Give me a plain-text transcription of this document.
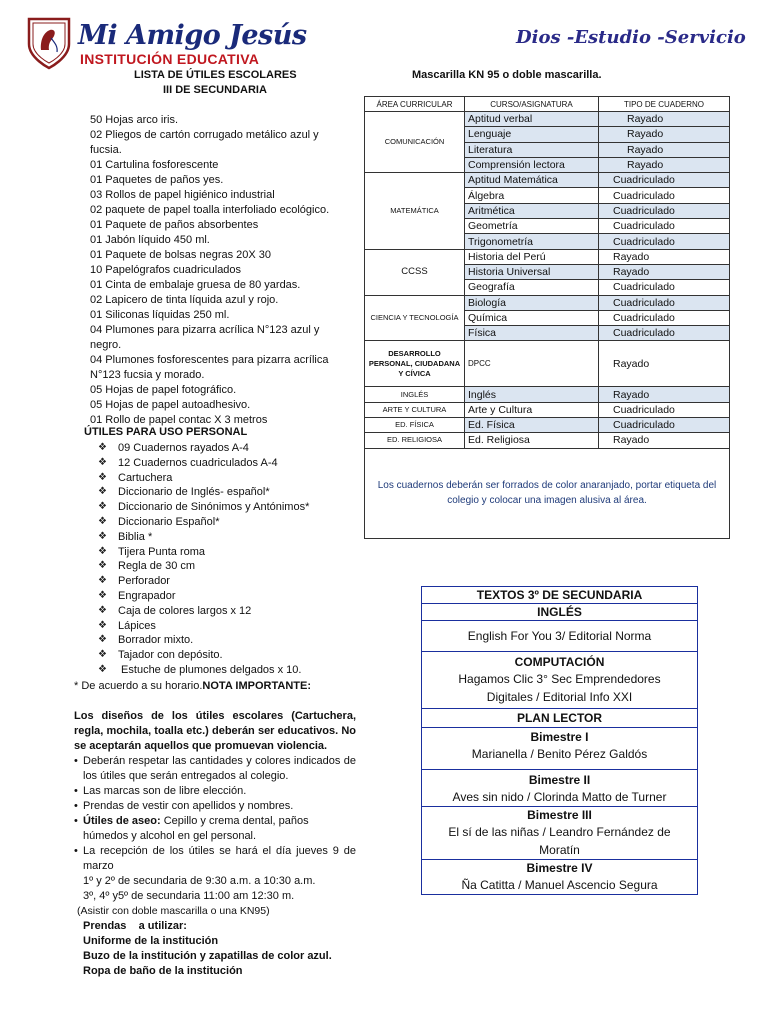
Mi Amigo Jesús
INSTITUCIÓN EDUCATIVA
Dios -Estudio -Servicio
LISTA DE ÚTILES ESCOLARES
III DE SECUNDARIA
50 Hojas arco iris.
02 Pliegos de cartón corrugado metálico azul y
fucsia.
01 Cartulina fosforescente
01 Paquetes de paños yes.
03 Rollos de papel higiénico industrial
02 paquete de papel toalla interfoliado ecológico.
01 Paquete de paños absorbentes
01 Jabón líquido 450 ml.
01 Paquete de bolsas negras 20X 30
10 Papelógrafos cuadriculados
01 Cinta de embalaje gruesa de 80 yardas.
02 Lapicero de tinta líquida azul y rojo.
01 Siliconas líquidas 250 ml.
04 Plumones para pizarra acrílica N°123 azul y
negro.
04 Plumones fosforescentes para pizarra acrílica
N°123 fucsia y morado.
05 Hojas de papel fotográfico.
05 Hojas de papel autoadhesivo.
01 Rollo de papel contac X 3 metros
ÚTILES PARA USO PERSONAL
❖	09 Cuadernos rayados A-4
❖	12 Cuadernos cuadriculados A-4
❖	Cartuchera
❖	Diccionario de Inglés- español*
❖	Diccionario de Sinónimos y Antónimos*
❖	Diccionario Español*
❖	Biblia *
❖	Tijera Punta roma
❖	Regla de 30 cm
❖	Perforador
❖	Engrapador
❖	Caja de colores largos x 12
❖	Lápices
❖	Borrador mixto.
❖	Tajador con depósito.
❖	Estuche de plumones delgados x 10.
* De acuerdo a su horario.NOTA IMPORTANTE:
Los diseños de los útiles escolares (Cartuchera, regla, mochila, toalla etc.) deberán ser educativos. No se aceptarán aquellos que promuevan violencia.
• Deberán respetar las cantidades y colores indicados de los útiles que serán entregados al colegio.
• Las marcas son de libre elección.
• Prendas de vestir con apellidos y nombres.
• Útiles de aseo: Cepillo y crema dental, paños húmedos y alcohol en gel personal.
• La recepción de los útiles se hará el día jueves 9 de marzo
1º y 2º de secundaria de 9:30 a.m. a 10:30 a.m.
3º, 4º y5º de secundaria 11:00 am 12:30 m.
(Asistir con doble mascarilla o una KN95)
Prendas    a utilizar:
Uniforme de la institución
Buzo de la institución y zapatillas de color azul.
Ropa de baño de la institución
Mascarilla KN 95 o doble mascarilla.
ÁREA CURRICULAR	CURSO/ASIGNATURA	TIPO DE CUADERNO
COMUNICACIÓN	Aptitud verbal	Rayado
	Lenguaje	Rayado
	Literatura	Rayado
	Comprensión lectora	Rayado
MATEMÁTICA	Aptitud Matemática	Cuadriculado
	Álgebra	Cuadriculado
	Aritmética	Cuadriculado
	Geometría	Cuadriculado
	Trigonometría	Cuadriculado
CCSS	Historia del Perú	Rayado
	Historia Universal	Rayado
	Geografía	Cuadriculado
CIENCIA Y TECNOLOGÍA	Biología	Cuadriculado
	Química	Cuadriculado
	Física	Cuadriculado
DESARROLLO PERSONAL, CIUDADANA Y CÍVICA	DPCC	Rayado
INGLÉS	Inglés	Rayado
ARTE Y CULTURA	Arte y Cultura	Cuadriculado
ED. FÍSICA	Ed. Física	Cuadriculado
ED. RELIGIOSA	Ed. Religiosa	Rayado
Los cuadernos deberán ser forrados de color anaranjado, portar etiqueta del colegio y colocar una imagen alusiva al área.		
TEXTOS 3º DE SECUNDARIA
INGLÉS
English For You 3/ Editorial Norma
COMPUTACIÓN
Hagamos Clic 3° Sec Emprendedores
Digitales / Editorial Info XXI
PLAN LECTOR
Bimestre I
Marianella / Benito Pérez Galdós
Bimestre II
Aves sin nido / Clorinda Matto de Turner
Bimestre III
El sí de las niñas / Leandro Fernández de
Moratín
Bimestre IV
Ña Catitta / Manuel Ascencio Segura
